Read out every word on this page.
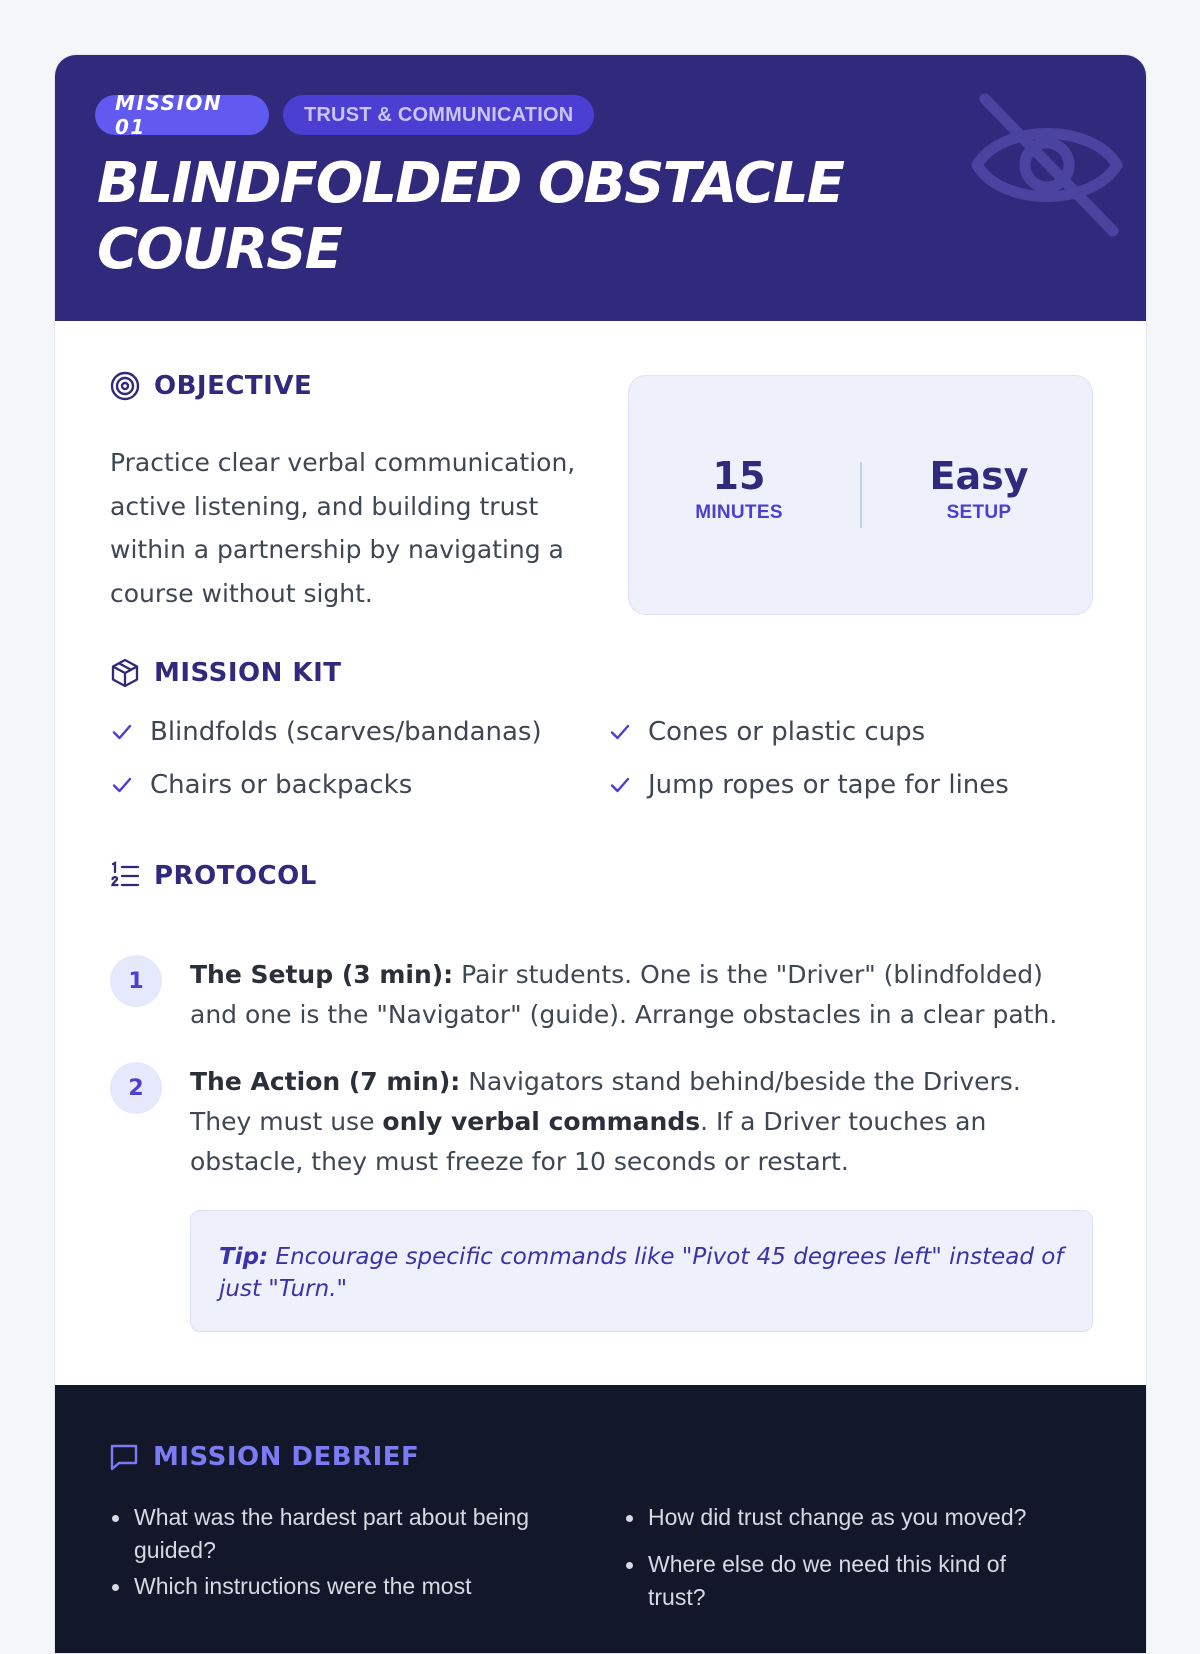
MISSION 01
TRUST & COMMUNICATION
BLINDFOLDED OBSTACLE COURSE
OBJECTIVE

Practice clear verbal communication, active listening, and building trust within a partnership by navigating a course without sight.

15
MINUTES
Easy
SETUP
MISSION KIT
Blindfolds (scarves/bandanas)	Cones or plastic cups
Chairs or backpacks	Jump ropes or tape for lines
PROTOCOL
1	The Setup (3 min): Pair students. One is the "Driver" (blindfolded) and one is the "Navigator" (guide). Arrange obstacles in a clear path.
2	The Action (7 min): Navigators stand behind/beside the Drivers. They must use only verbal commands. If a Driver touches an obstacle, they must freeze for 10 seconds or restart.
Tip: Encourage specific commands like "Pivot 45 degrees left" instead of just "Turn."
MISSION DEBRIEF
What was the hardest part about being guided?
How did trust change as you moved?
Which instructions were the most
Where else do we need this kind of trust?
